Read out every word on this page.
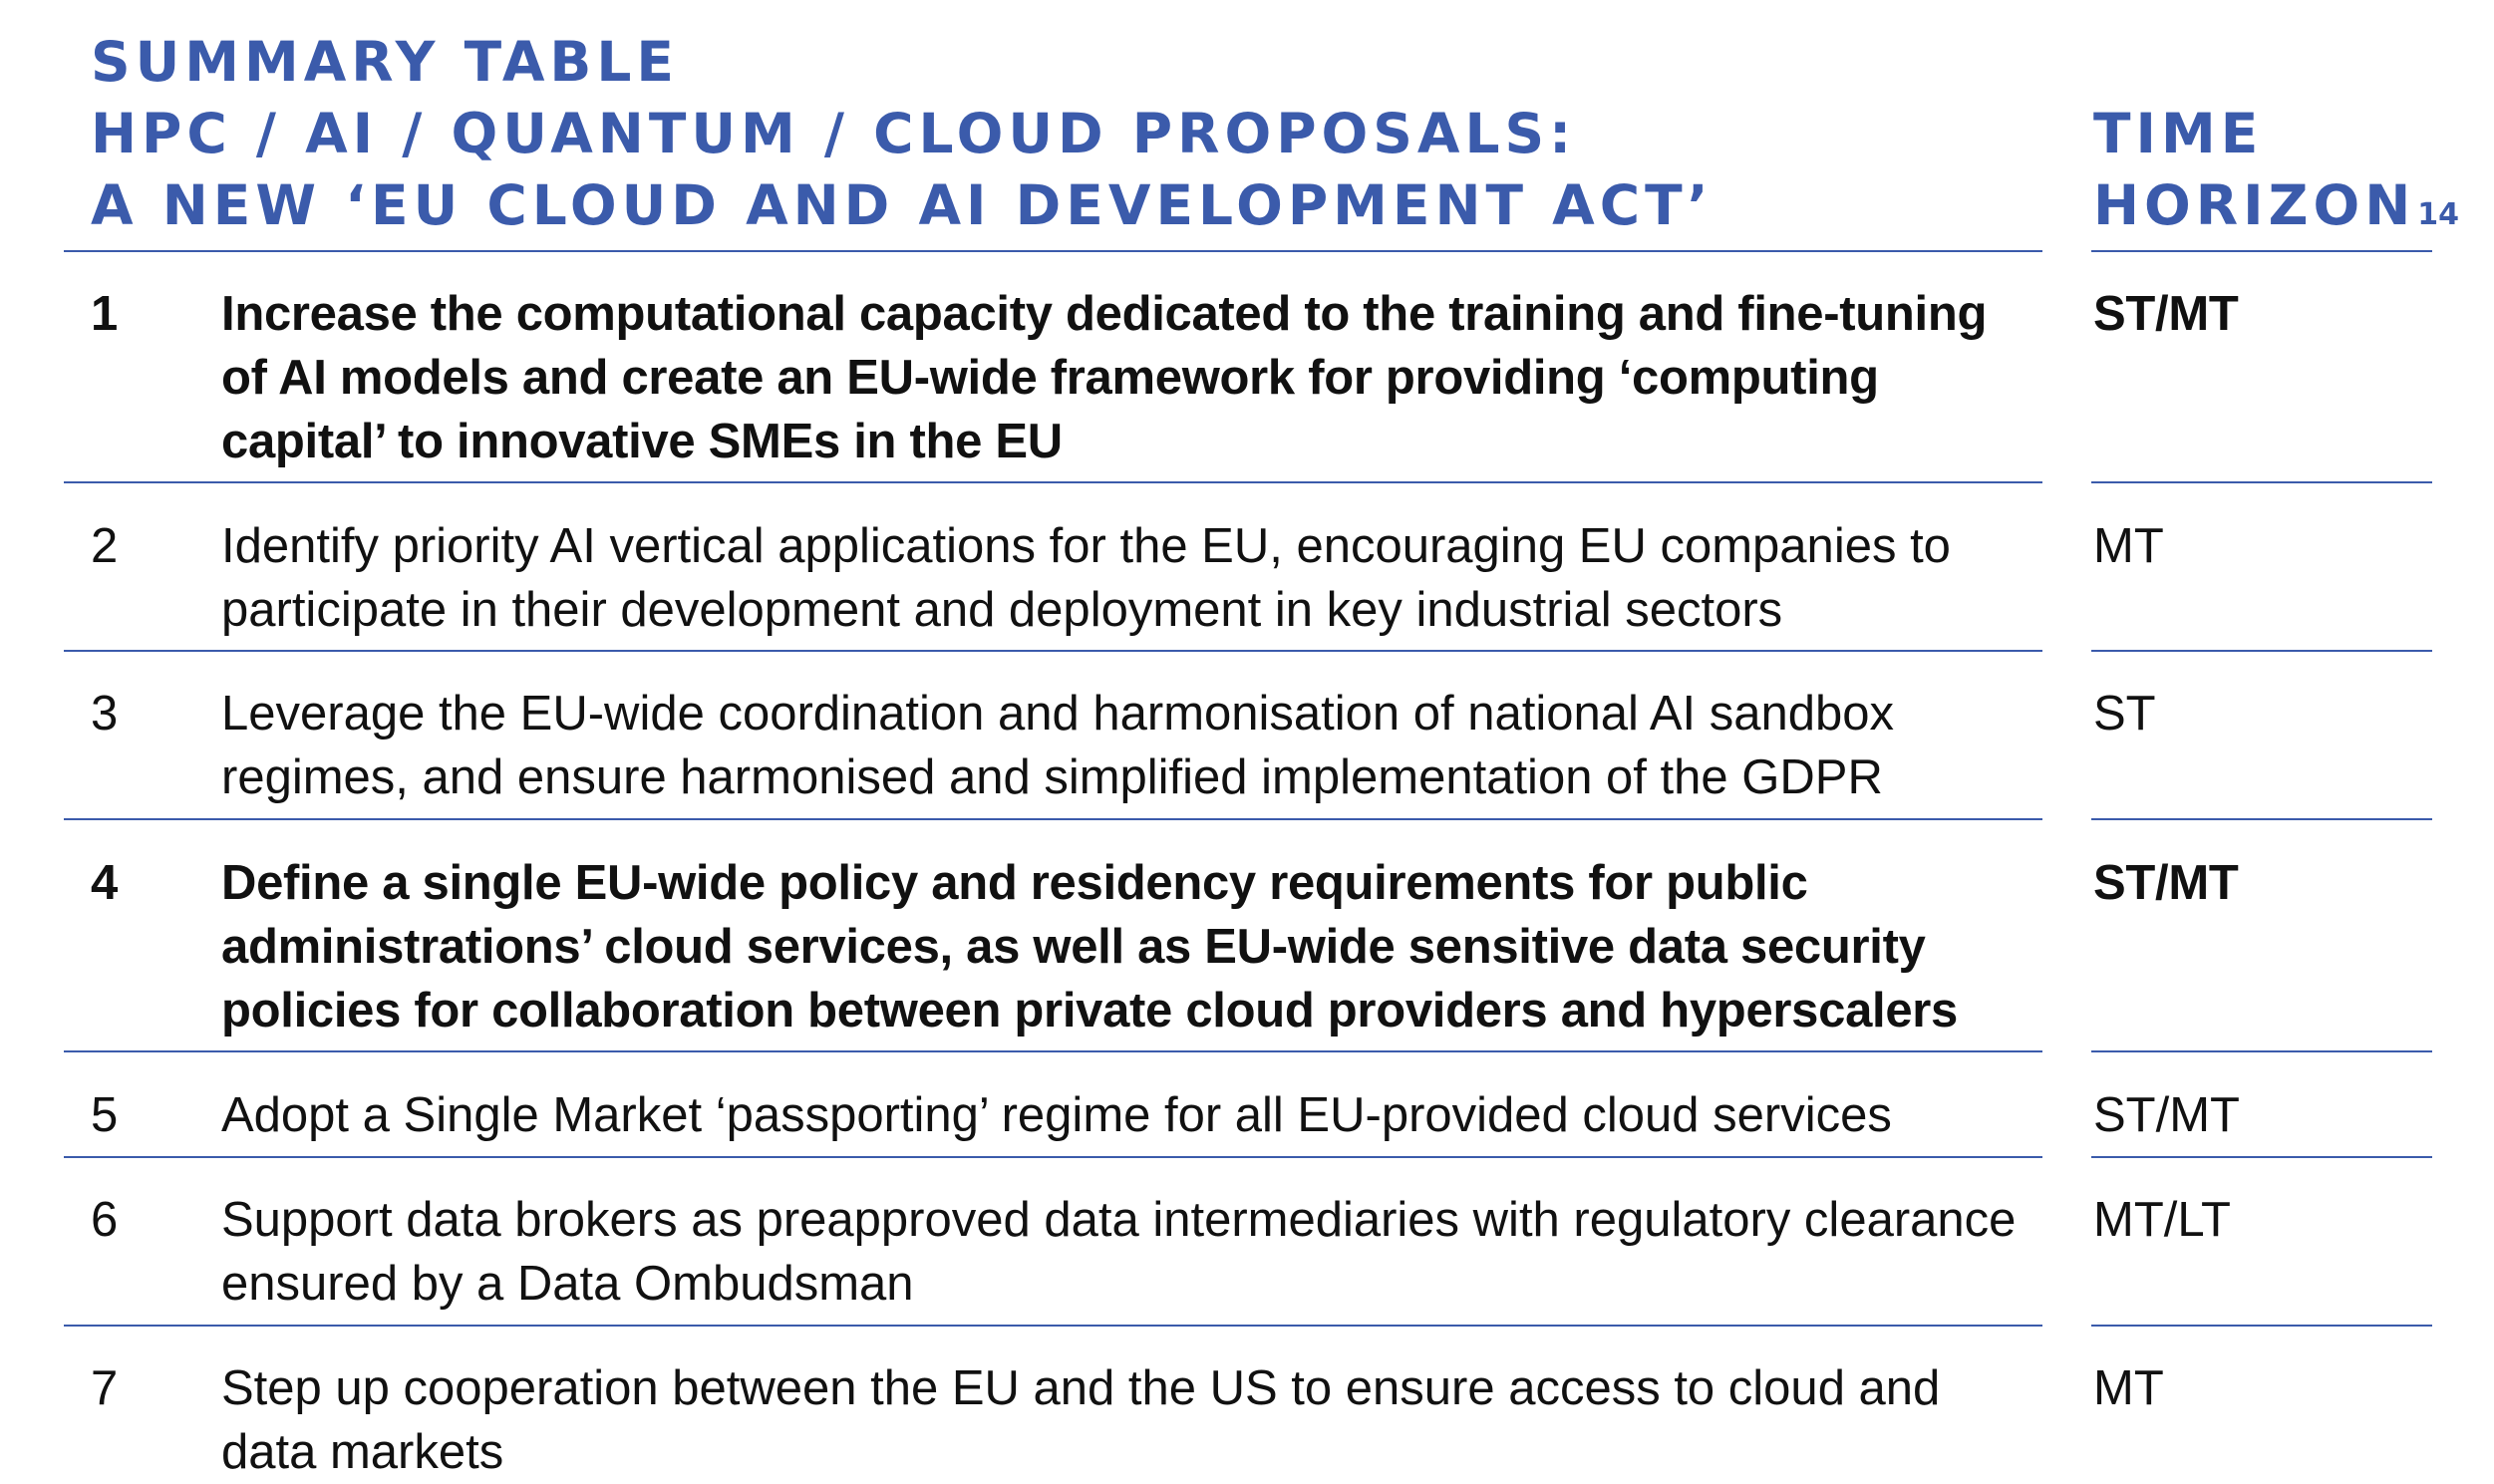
SUMMARY TABLE
HPC / AI / QUANTUM / CLOUD PROPOSALS:
A NEW ‘EU CLOUD AND AI DEVELOPMENT ACT’
TIME
HORIZON$^{14}$
1 Increase the computational capacity dedicated to the training and fine-tuning of AI models and create an EU-wide framework for providing ‘computing capital’ to innovative SMEs in the EU
ST/MT
2 Identify priority AI vertical applications for the EU, encouraging EU companies to participate in their development and deployment in key industrial sectors
MT
3 Leverage the EU-wide coordination and harmonisation of national AI sandbox regimes, and ensure harmonised and simplified implementation of the GDPR
ST
4 Define a single EU-wide policy and residency requirements for public administrations’ cloud services, as well as EU-wide sensitive data security policies for collaboration between private cloud providers and hyperscalers
ST/MT
5 Adopt a Single Market ‘passporting’ regime for all EU-provided cloud services	ST/MT
6 Support data brokers as preapproved data intermediaries with regulatory clearance ensured by a Data Ombudsman
MT/LT
7 Step up cooperation between the EU and the US to ensure access to cloud and data markets
MT
